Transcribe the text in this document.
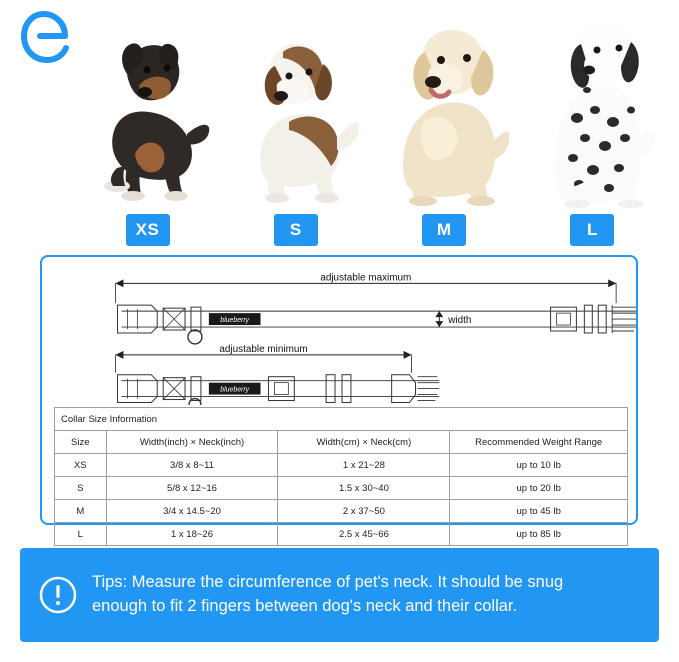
XS	S	M	L
adjustable maximum
blueberry	width
adjustable minimum
blueberry
Collar Size Information			
Size	Width(inch) × Neck(inch)	Width(cm) × Neck(cm)	Recommended Weight Range
XS	3/8 x 8~11	1 x 21~28	up to 10 lb
S	5/8 x 12~16	1.5 x 30~40	up to 20 lb
M	3/4 x 14.5~20	2 x 37~50	up to 45 lb
L	1 x 18~26	2.5 x 45~66	up to 85 lb
Tips: Measure the circumference of pet's neck. It should be snug
enough to fit 2 fingers between dog's neck and their collar.
